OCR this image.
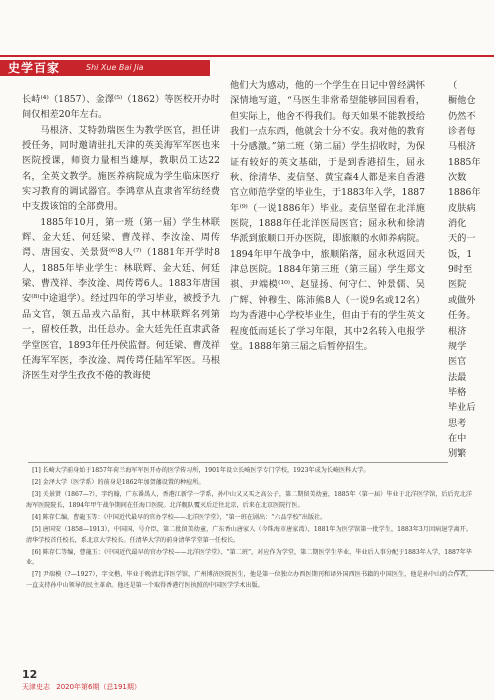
史学百家	Shi Xue Bai Jia

长峙⁽⁴⁾（1857）、金澤⁽⁵⁾（1862）等医校开办时间仅相差20年左右。

马根济、艾特勃瑞医生为教学医官，担任讲授任务，同时邀请驻扎天津的英美海军军医也来医院授课，师资力量相当雄厚，教职员工达22名，全英文教学。施医养病院成为学生临床医疗实习教育的调试器官。李鸿章从直隶省军纺经费中支拨该馆的全部费用。

1885年10月，第一班（第一届）学生林联辉、金大廷、何廷梁、曹茂祥、李汝淦、周传谔、唐国安、关景贤⁽⁶⁾8人⁽⁷⁾（1881年开学时8人，1885年毕业学生：林联辉、金大廷、何廷梁、曹茂祥、李汝淦、周传谔6人。1883年唐国安⁽⁸⁾中途退学）。经过四年的学习毕业，被授予九品文官，领五品戎六品衔，其中林联辉名列第一，留校任教，出任总办。金大廷先任直隶武备学堂医官，1893年任丹侯监督。何廷梁、曹茂祥任海军军医，李汝淦、周传谔任陆军军医。马根济医生对学生孜孜不倦的教诲使

他们大为感动，他的一个学生在日记中曾经满怀深情地写道，“马医生非常希望能够回国看看，但实际上，他舍不得我们。每天如果不能教授给我们一点东西，他就会十分不安。我对他的教育十分感激。”第二班（第二届）学生招收时，为保证有较好的英文基础，于是到香港招生，屈永秋、徐清华、麦信坚、黄宝森4人都是来自香港官立师范学堂的毕业生，于1883年入学，1887年⁽⁹⁾（一说1886年）毕业。麦信坚留在北洋施医院，1888年任北洋医局医官；屈永秋和徐清华派到旅顺口开办医院，即旅顺的水师养病院。1894年甲午战争中，旅顺陷落，屈永秋返回天津总医院。1884年第三班（第三届）学生郑文祺、尹端模⁽¹⁰⁾、赵显扬、何守仁、钟景儒、吴广辉、钟穆生、陈沛熊8人（一说9名或12名）均为香港中心学校毕业生，但由于有的学生英文程度低而延长了学习年限，其中2名转入电报学堂。1888年第三届之后暂停招生。

（
橱他仓
仍然不
诊者每
马根济
1885年
次数
1886年
皮肤病
消化
天的一
饭，1
9时至
医院
或做外
任务。
根济
规学
医官
法最
毕格
毕业后
思考
在中
别繁

[1] 长崎大学前身始于1857年荷兰海军军医开办的医学传习所，1901年设立长崎医学专门学校，1923年成为长崎医科大学。

[2] 金泽大学（医学系）的前身是1862年加贺藩设置的种痘所。

[3] 关景贤（1867—?），字约翰，广东番禺人，香港江新学一学系，孙中山又又买之高公子，第二期留美幼童，1885年（第一届）毕业于北洋医学馆，后后充北洋海军医院院长，1894年甲午战争期间在任海口医院。北洋舰队覆灭后迁往北京，后来在北京医院行医。

[4] 陈存仁编，曹龍玉等：《中国近代最早的官办学校——北洋医学堂》，“第一班在剧出：“六品学校”出版社。

[5] 唐国安（1858—1913），中国国，号介臣，第二批留美幼童，广东香山唐家人（今珠海市唐家湾），1881年为医学馆第一批学生，1883年3月因病退学离开。清华学校首任校长，系北京大学校长。任清华大学的前身清华学堂第一任校长。

[6] 陈存仁等编，曹龍玉：《中国近代最早的官办学校——北洋医学堂》，“第二班”，对应作为学堂，第二期医学生毕业，毕业后人事分配于1883年入学，1887年毕业。

[7] 尹端模（?—1927），字文楷，毕业于晚清北洋医学馆，广州博济医院医生，他是第一位独立办西医期刊和译外国西医书籍的中国医生，他是孙中山的合作者，一直支持孙中山领导的民主革命。他还是第一个取得香港行医执照的中国医学学术出版。

12
天津史志 2020年第6期（总191期）
